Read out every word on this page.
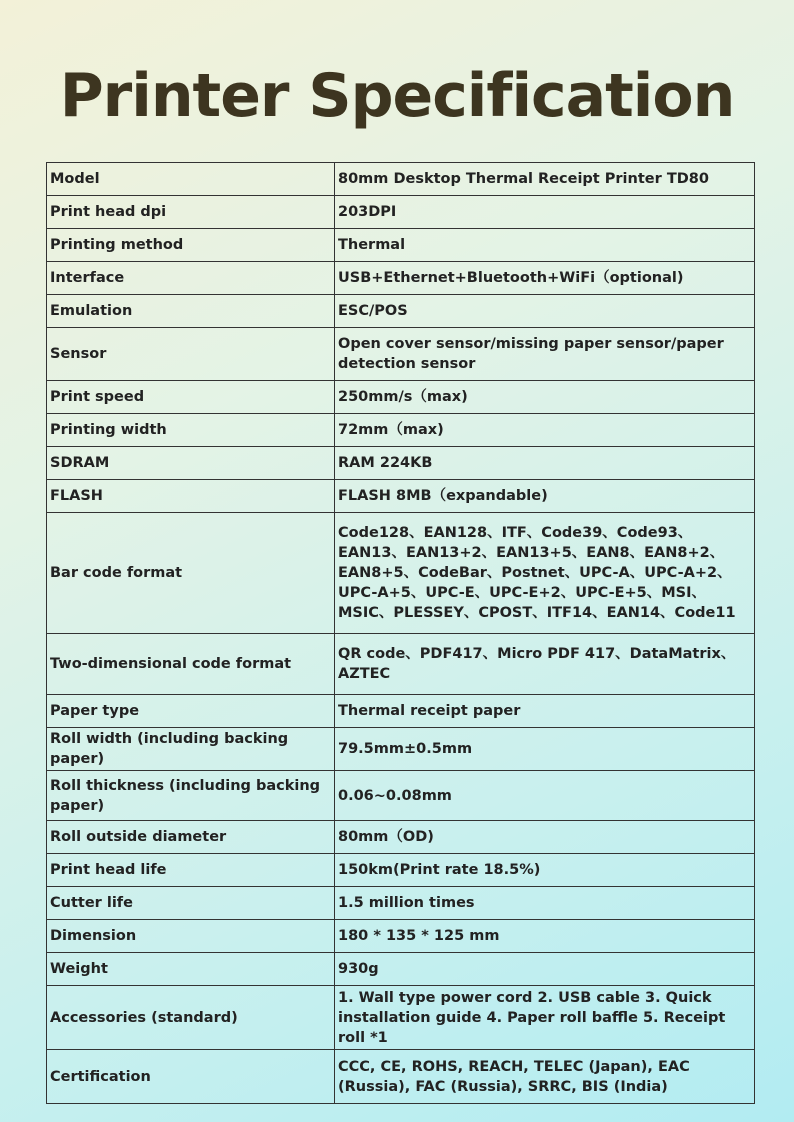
Printer Specification
Model	80mm Desktop Thermal Receipt Printer TD80
Print head dpi	203DPI
Printing method	Thermal
Interface	USB+Ethernet+Bluetooth+WiFi（optional)
Emulation	ESC/POS
Sensor	Open cover sensor/missing paper sensor/paper detection sensor
Print speed	250mm/s（max)
Printing width	72mm（max)
SDRAM	RAM 224KB
FLASH	FLASH 8MB（expandable)
Bar code format	Code128、EAN128、ITF、Code39、Code93、EAN13、EAN13+2、EAN13+5、EAN8、EAN8+2、EAN8+5、CodeBar、Postnet、UPC-A、UPC-A+2、UPC-A+5、UPC-E、UPC-E+2、UPC-E+5、MSI、MSIC、PLESSEY、CPOST、ITF14、EAN14、Code11
Two-dimensional code format	QR code、PDF417、Micro PDF 417、DataMatrix、AZTEC
Paper type	Thermal receipt paper
Roll width (including backing paper)	79.5mm±0.5mm
Roll thickness (including backing paper)	0.06~0.08mm
Roll outside diameter	80mm（OD)
Print head life	150km(Print rate 18.5%)
Cutter life	1.5 million times
Dimension	180 * 135 * 125 mm
Weight	930g
Accessories (standard)	1. Wall type power cord 2. USB cable 3. Quick installation guide 4. Paper roll baffle 5. Receipt roll *1
Certification	CCC, CE, ROHS, REACH, TELEC (Japan), EAC (Russia), FAC (Russia), SRRC, BIS (India)
